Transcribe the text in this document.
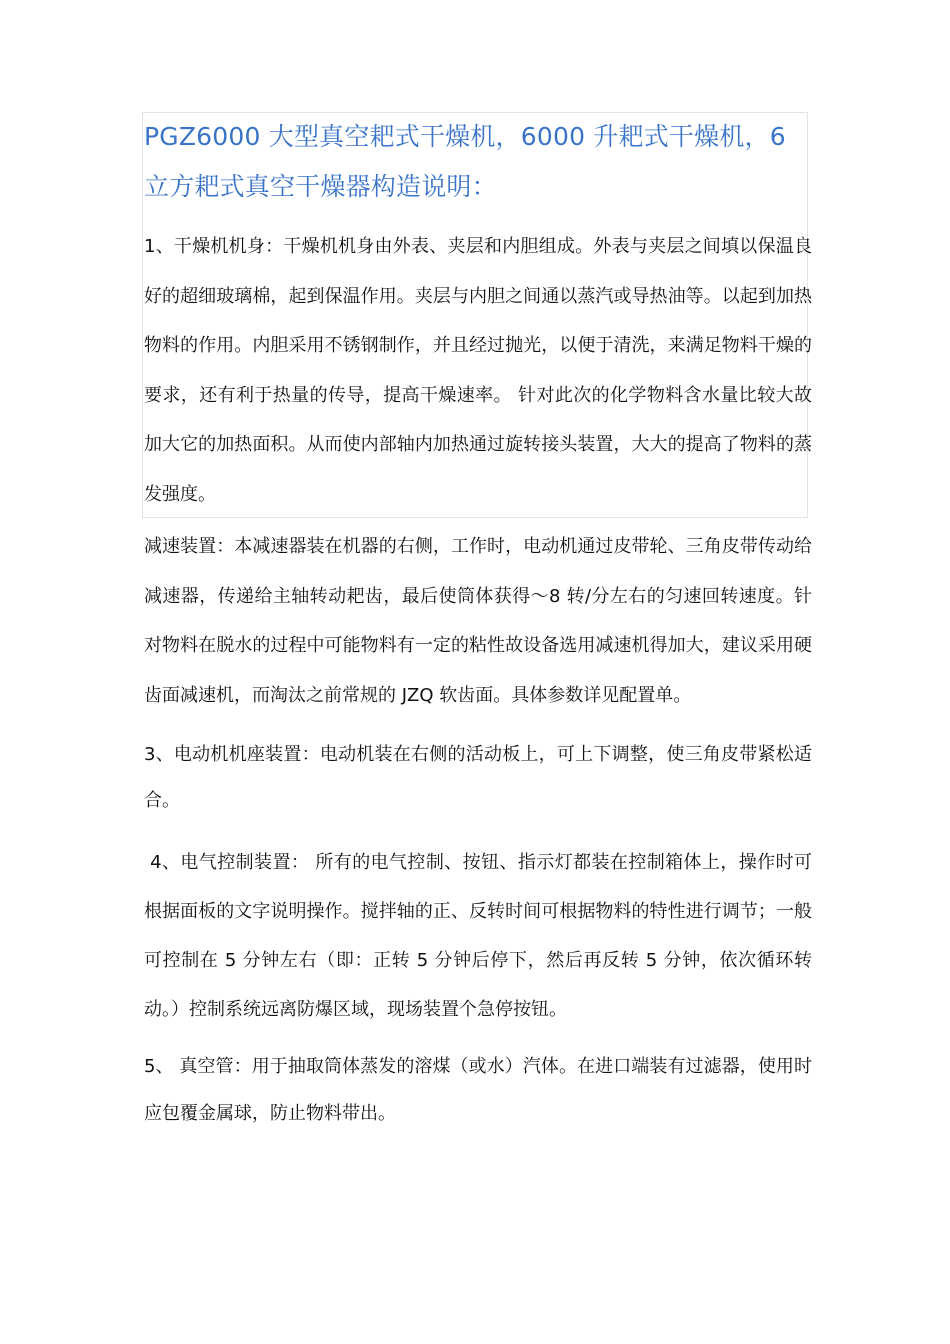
PGZ6000 大型真空耙式干燥机，6000 升耙式干燥机，6 立方耙式真空干燥器构造说明：

1、干燥机机身：干燥机机身由外表、夹层和内胆组成。外表与夹层之间填以保温良好的超细玻璃棉，起到保温作用。夹层与内胆之间通以蒸汽或导热油等。以起到加热物料的作用。内胆采用不锈钢制作，并且经过抛光，以便于清洗，来满足物料干燥的要求，还有利于热量的传导，提高干燥速率。 针对此次的化学物料含水量比较大故加大它的加热面积。从而使内部轴内加热通过旋转接头装置，大大的提高了物料的蒸发强度。

减速装置：本减速器装在机器的右侧，工作时，电动机通过皮带轮、三角皮带传动给减速器，传递给主轴转动耙齿，最后使筒体获得～8 转/分左右的匀速回转速度。针对物料在脱水的过程中可能物料有一定的粘性故设备选用减速机得加大，建议采用硬齿面减速机，而淘汰之前常规的 JZQ 软齿面。具体参数详见配置单。

3、电动机机座装置：电动机装在右侧的活动板上，可上下调整，使三角皮带紧松适合。

4、电气控制装置： 所有的电气控制、按钮、指示灯都装在控制箱体上，操作时可根据面板的文字说明操作。搅拌轴的正、反转时间可根据物料的特性进行调节；一般可控制在 5 分钟左右（即：正转 5 分钟后停下，然后再反转 5 分钟，依次循环转动。）控制系统远离防爆区域，现场装置个急停按钮。

5、 真空管：用于抽取筒体蒸发的溶煤（或水）汽体。在进口端装有过滤器，使用时应包覆金属球，防止物料带出。
